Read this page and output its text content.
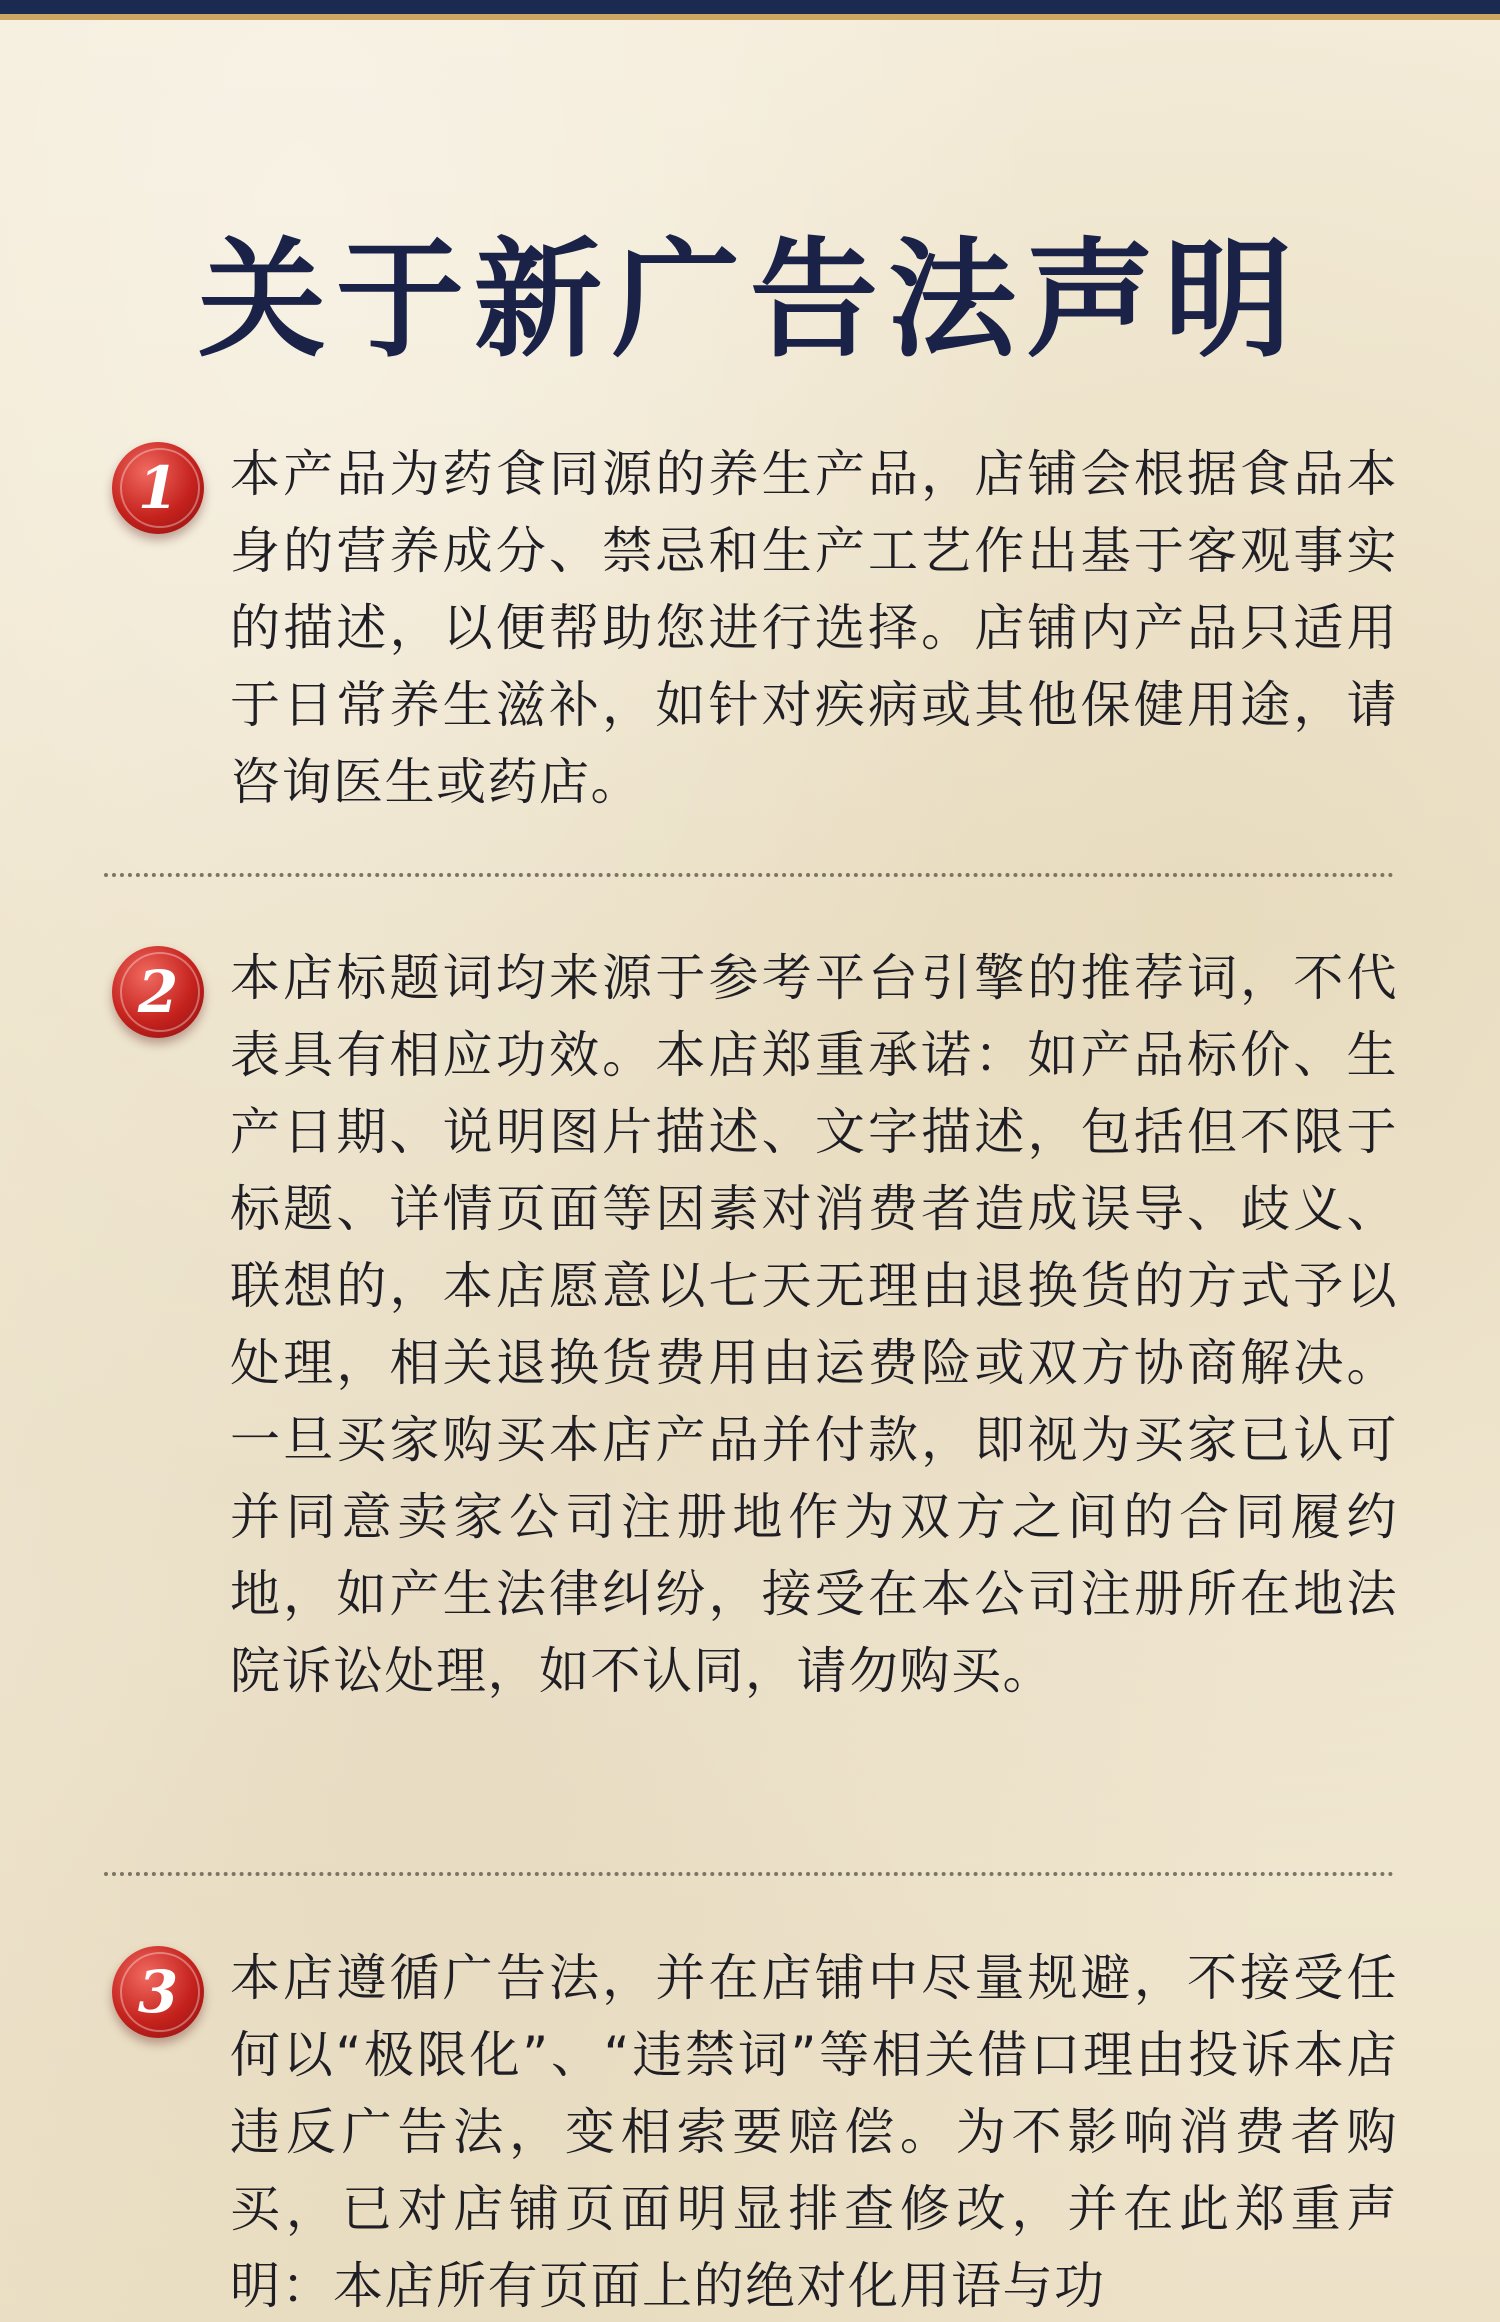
关于新广告法声明
1 本产品为药食同源的养生产品，店铺会根据食品本身的营养成分、禁忌和生产工艺作出基于客观事实的描述，以便帮助您进行选择。店铺内产品只适用于日常养生滋补，如针对疾病或其他保健用途，请咨询医生或药店。
2 本店标题词均来源于参考平台引擎的推荐词，不代表具有相应功效。本店郑重承诺：如产品标价、生产日期、说明图片描述、文字描述，包括但不限于标题、详情页面等因素对消费者造成误导、歧义、联想的，本店愿意以七天无理由退换货的方式予以处理，相关退换货费用由运费险或双方协商解决。一旦买家购买本店产品并付款，即视为买家已认可并同意卖家公司注册地作为双方之间的合同履约地，如产生法律纠纷，接受在本公司注册所在地法院诉讼处理，如不认同，请勿购买。
3 本店遵循广告法，并在店铺中尽量规避，不接受任何以“极限化”、“违禁词”等相关借口理由投诉本店违反广告法，变相索要赔偿。为不影响消费者购买，已对店铺页面明显排查修改，并在此郑重声明：本店所有页面上的绝对化用语与功
